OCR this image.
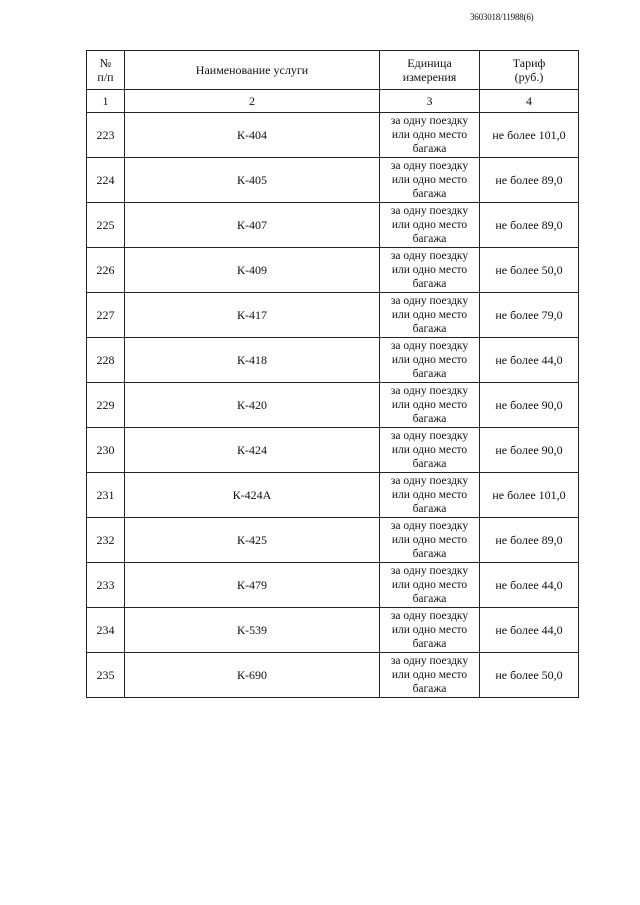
3603018/11988(6)
№
п/п	Наименование услуги	Единица
измерения	Тариф
(руб.)
1	2	3	4
223	К-404	за одну поездку
или одно место
багажа	не более 101,0
224	К-405	за одну поездку
или одно место
багажа	не более 89,0
225	К-407	за одну поездку
или одно место
багажа	не более 89,0
226	К-409	за одну поездку
или одно место
багажа	не более 50,0
227	К-417	за одну поездку
или одно место
багажа	не более 79,0
228	К-418	за одну поездку
или одно место
багажа	не более 44,0
229	К-420	за одну поездку
или одно место
багажа	не более 90,0
230	К-424	за одну поездку
или одно место
багажа	не более 90,0
231	К-424А	за одну поездку
или одно место
багажа	не более 101,0
232	К-425	за одну поездку
или одно место
багажа	не более 89,0
233	К-479	за одну поездку
или одно место
багажа	не более 44,0
234	К-539	за одну поездку
или одно место
багажа	не более 44,0
235	К-690	за одну поездку
или одно место
багажа	не более 50,0
